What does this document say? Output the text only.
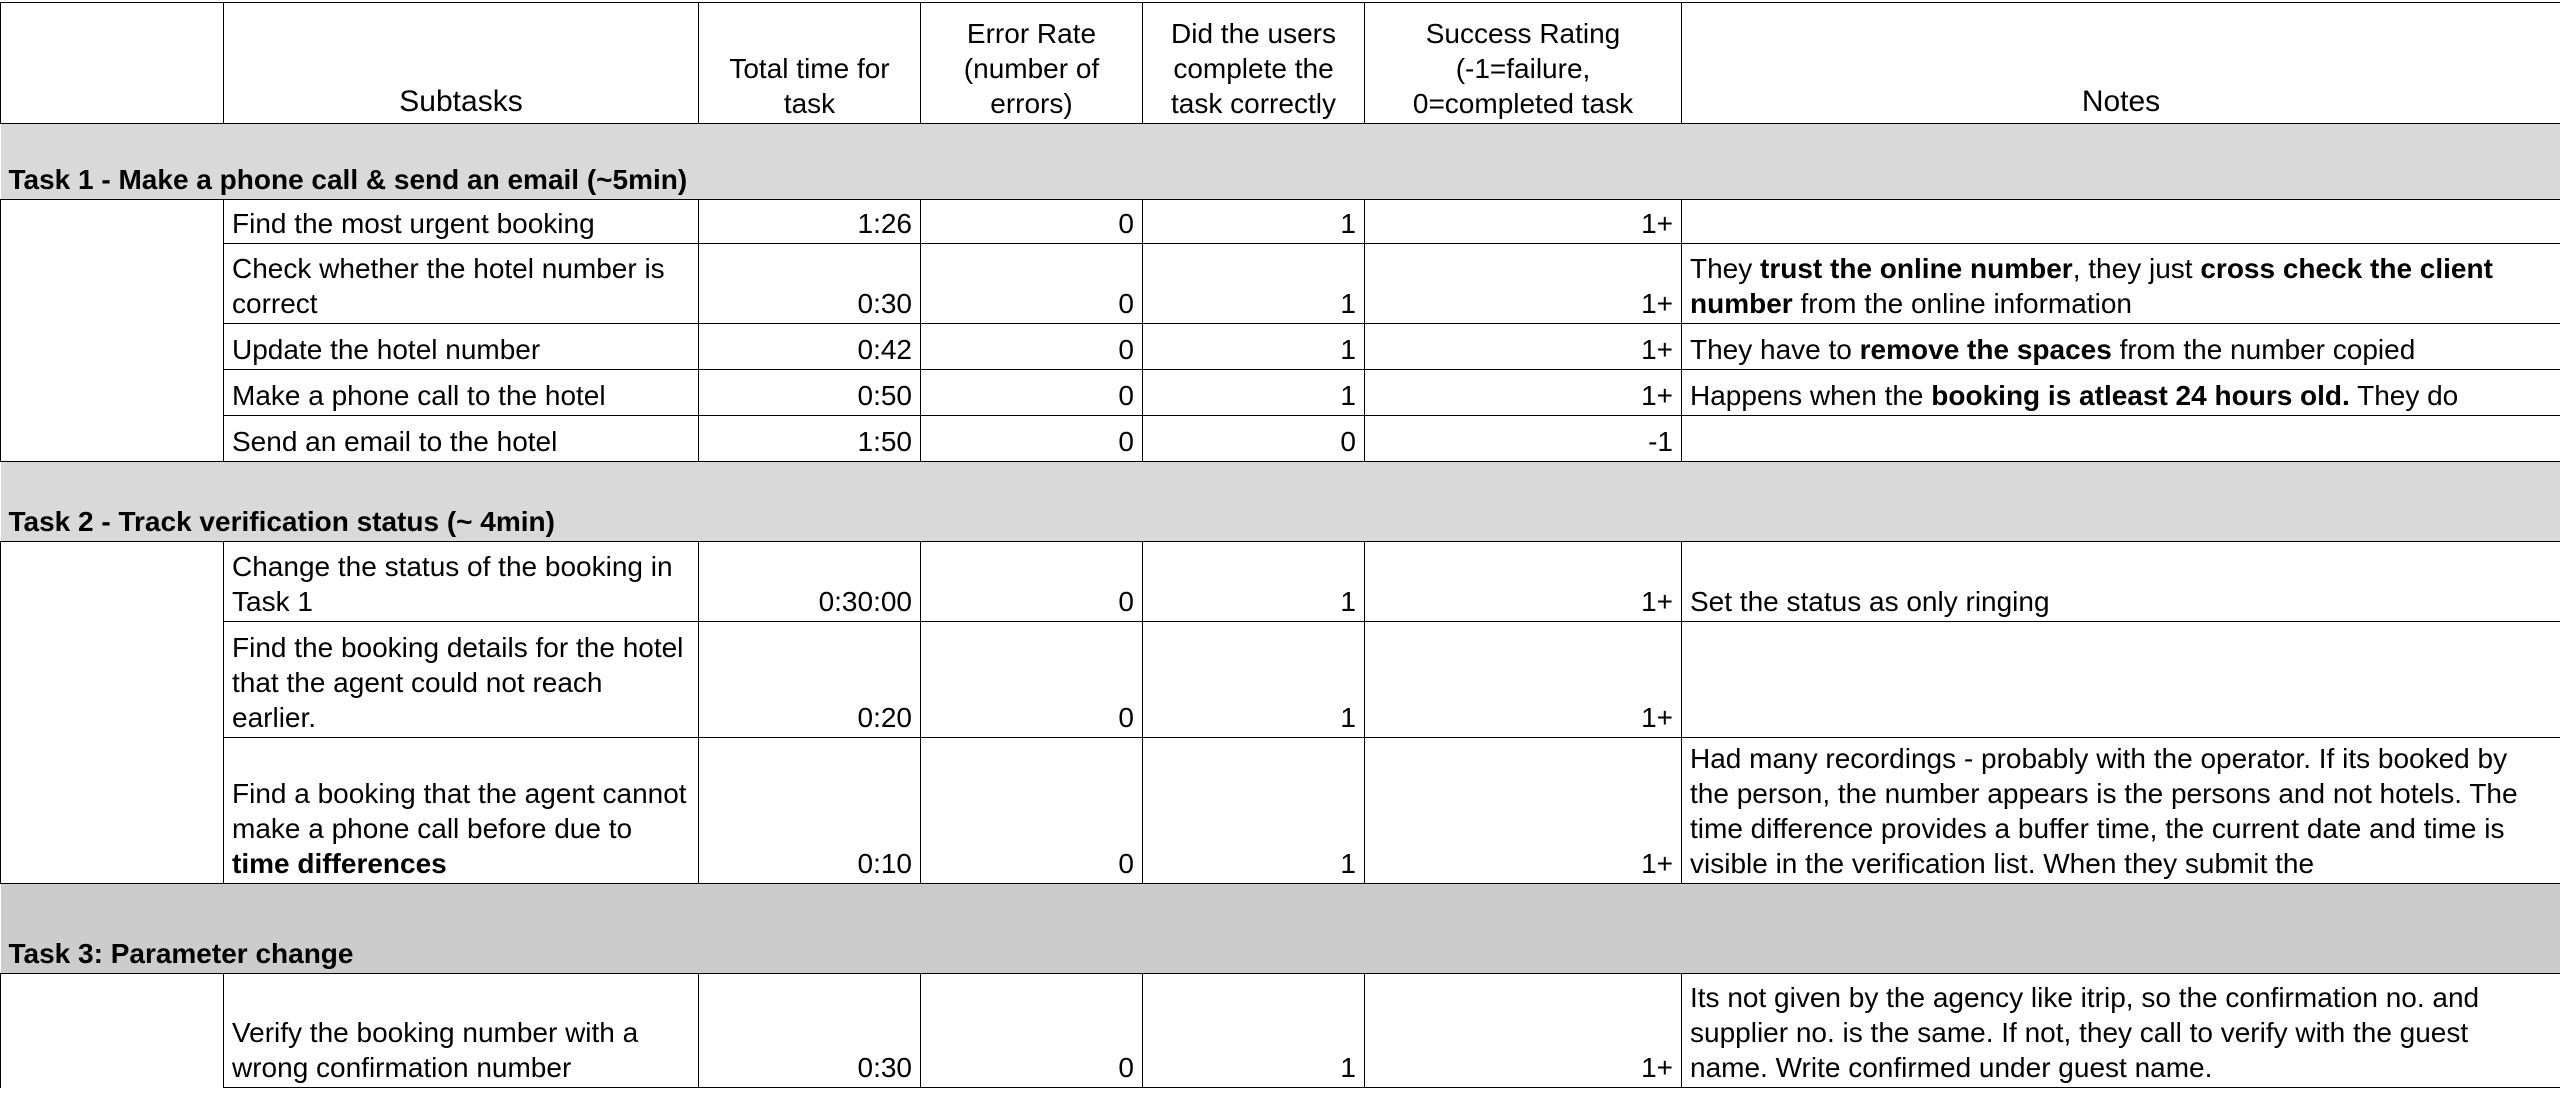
	Subtasks	Total time for task	Error Rate (number of errors)	Did the users complete the task correctly	Success Rating (-1=failure, 0=completed task	Notes
Task 1 - Make a phone call & send an email (~5min)						
	Find the most urgent booking	1:26	0	1	1+	
	Check whether the hotel number is correct	0:30	0	1	1+	They trust the online number, they just cross check the client number from the online information
	Update the hotel number	0:42	0	1	1+	They have to remove the spaces from the number copied
	Make a phone call to the hotel	0:50	0	1	1+	Happens when the booking is atleast 24 hours old. They do
	Send an email to the hotel	1:50	0	0	-1	
Task 2 - Track verification status (~ 4min)						
	Change the status of the booking in Task 1	0:30:00	0	1	1+	Set the status as only ringing
	Find the booking details for the hotel that the agent could not reach earlier.	0:20	0	1	1+	
	Find a booking that the agent cannot make a phone call before due to time differences	0:10	0	1	1+	Had many recordings - probably with the operator. If its booked by the person, the number appears is the persons and not hotels. The time difference provides a buffer time, the current date and time is visible in the verification list. When they submit the
Task 3: Parameter change						
	Verify the booking number with a wrong confirmation number	0:30	0	1	1+	Its not given by the agency like itrip, so the confirmation no. and supplier no. is the same. If not, they call to verify with the guest name. Write confirmed under guest name.
